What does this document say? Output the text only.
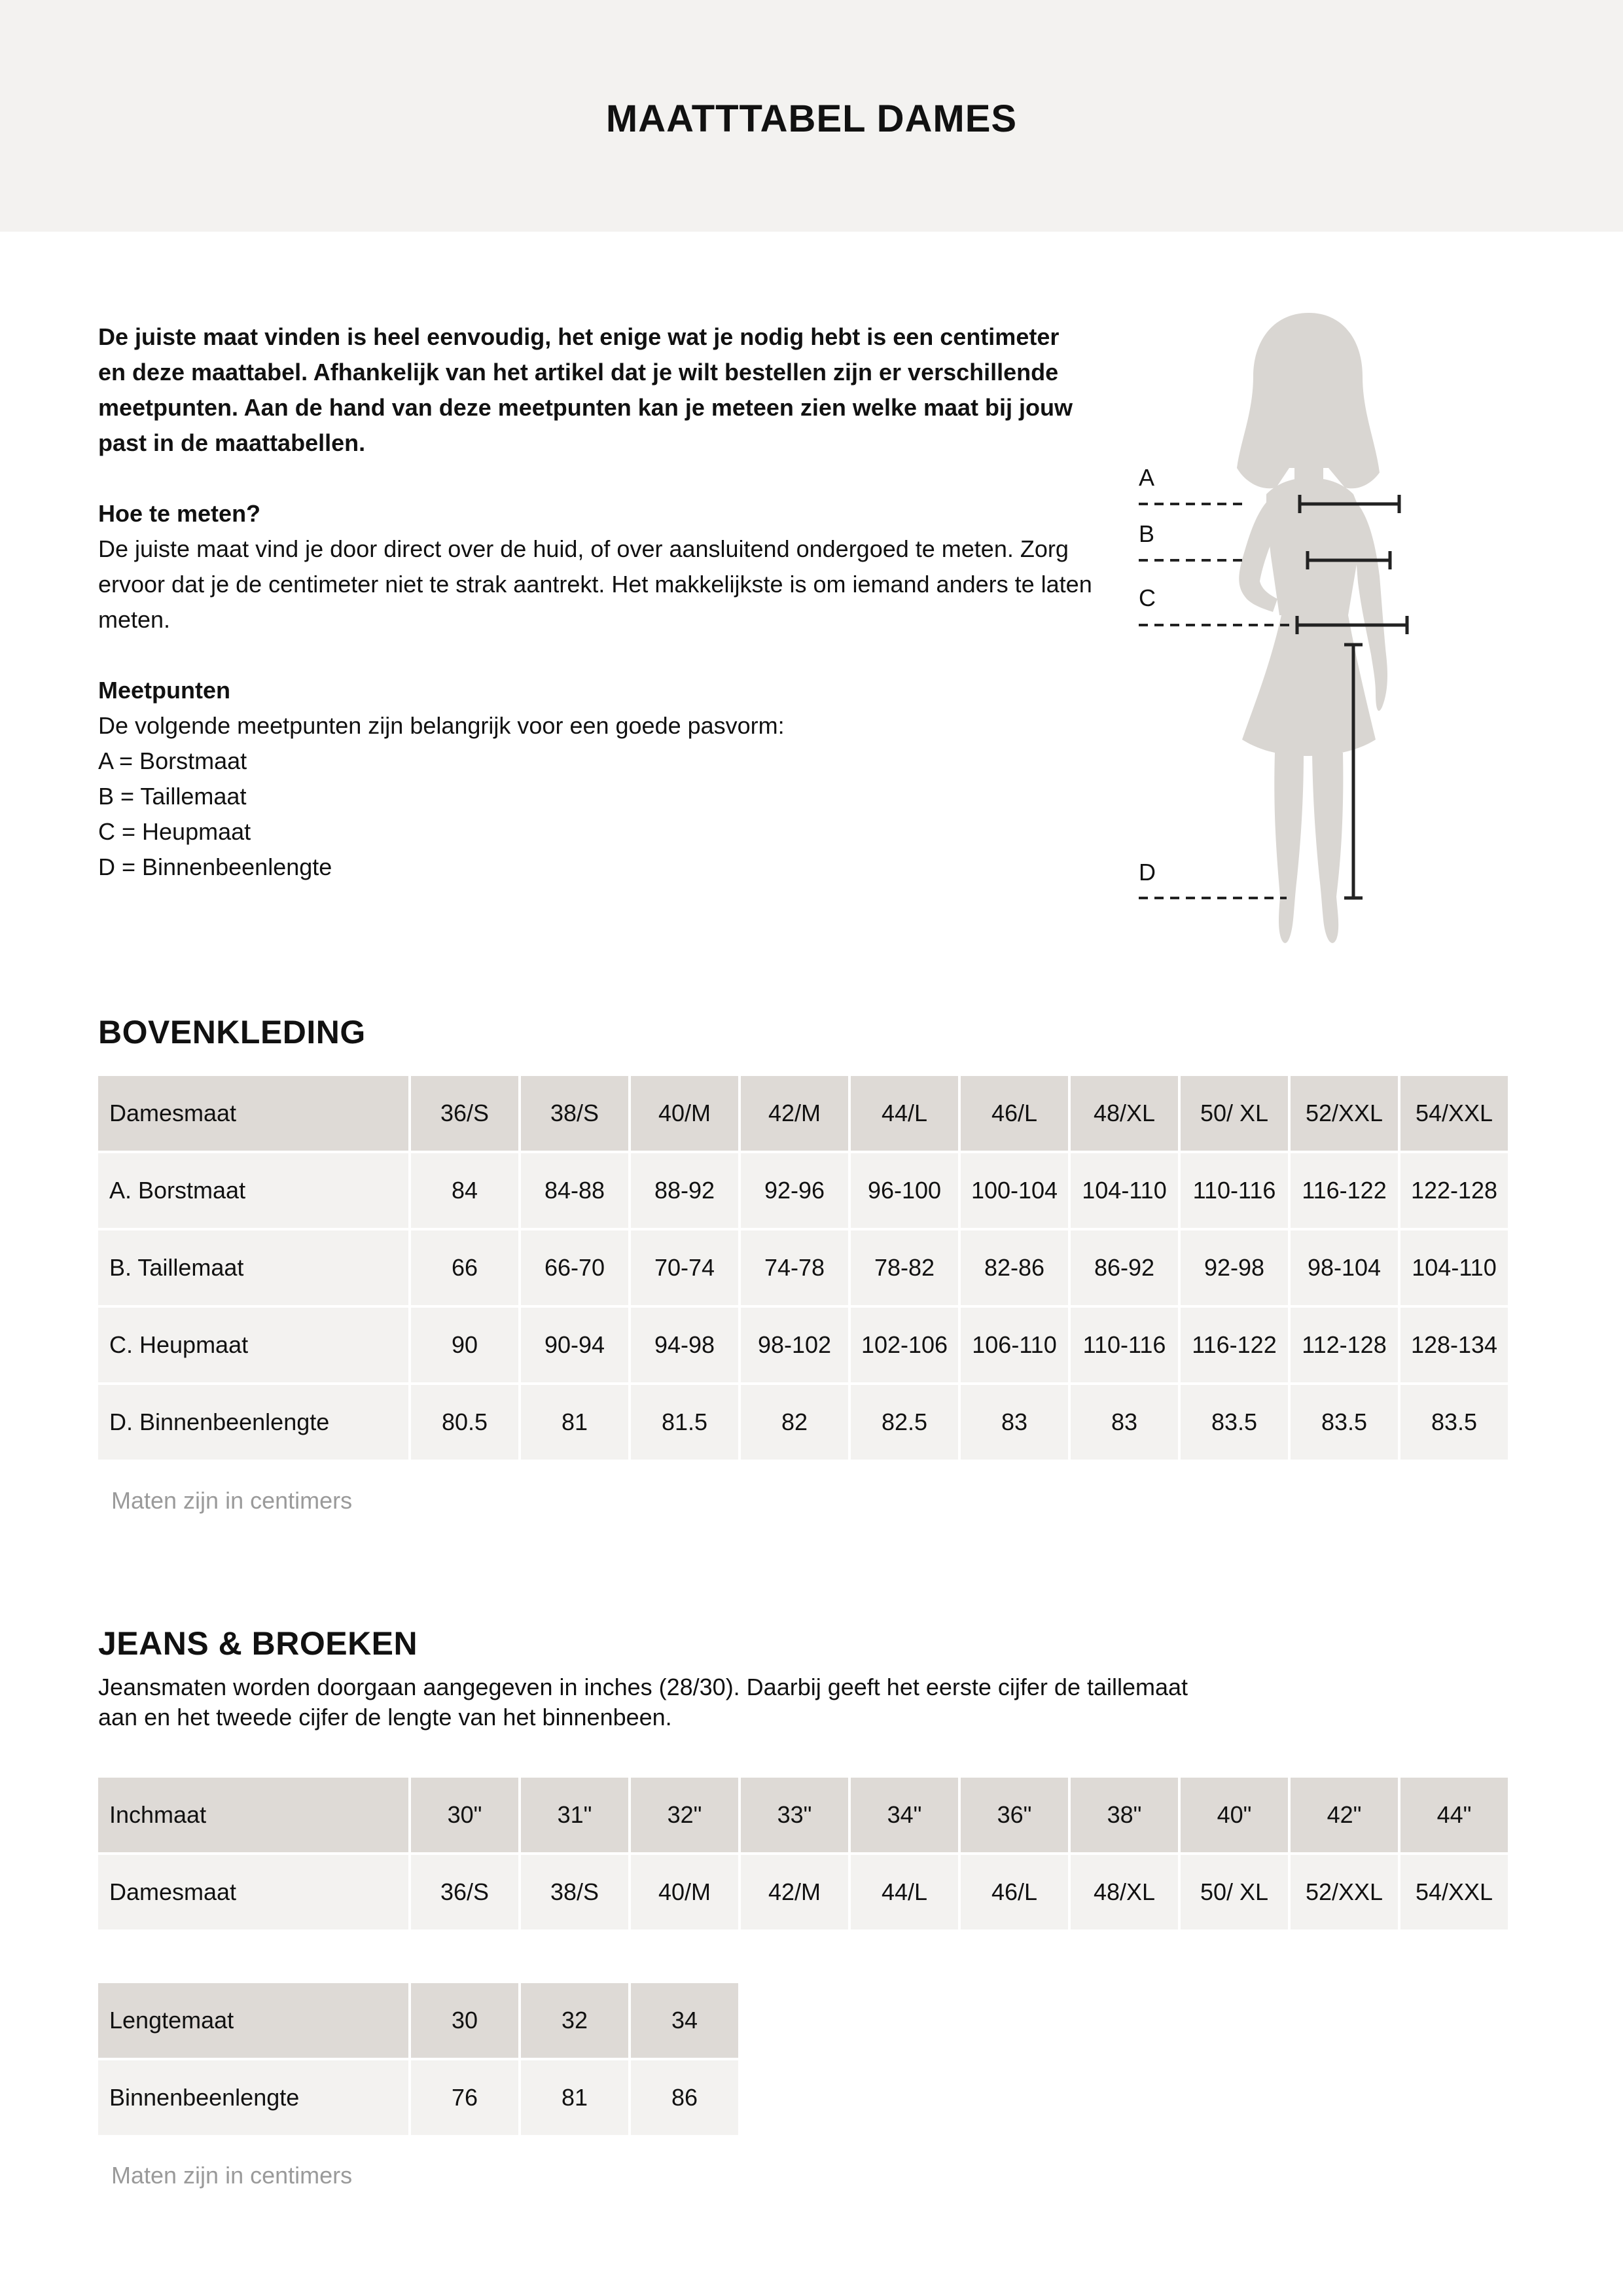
MAATTTABEL DAMES

De juiste maat vinden is heel eenvoudig, het enige wat je nodig hebt is een centimeter en deze maattabel. Afhankelijk van het artikel dat je wilt bestellen zijn er verschillende meetpunten. Aan de hand van deze meetpunten kan je meteen zien welke maat bij jouw past in de maattabellen.

Hoe te meten?

De juiste maat vind je door direct over de huid, of over aansluitend ondergoed te meten. Zorg ervoor dat je de centimeter niet te strak aantrekt. Het makkelijkste is om iemand anders te laten meten.

Meetpunten

De volgende meetpunten zijn belangrijk voor een goede pasvorm:

A = Borstmaat

B = Taillemaat

C = Heupmaat

D = Binnenbeenlengte

A
B
C
D
BOVENKLEDING
Damesmaat	36/S	38/S	40/M	42/M	44/L	46/L	48/XL	50/ XL	52/XXL	54/XXL
A. Borstmaat	84	84-88	88-92	92-96	96-100	100-104	104-110	110-116	116-122	122-128
B. Taillemaat	66	66-70	70-74	74-78	78-82	82-86	86-92	92-98	98-104	104-110
C. Heupmaat	90	90-94	94-98	98-102	102-106	106-110	110-116	116-122	112-128	128-134
D. Binnenbeenlengte	80.5	81	81.5	82	82.5	83	83	83.5	83.5	83.5

Maten zijn in centimers

JEANS & BROEKEN

Jeansmaten worden doorgaan aangegeven in inches (28/30). Daarbij geeft het eerste cijfer de taillemaat aan en het tweede cijfer de lengte van het binnenbeen.

Inchmaat	30"	31"	32"	33"	34"	36"	38"	40"	42"	44"
Damesmaat	36/S	38/S	40/M	42/M	44/L	46/L	48/XL	50/ XL	52/XXL	54/XXL
Lengtemaat	30	32	34
Binnenbeenlengte	76	81	86

Maten zijn in centimers
